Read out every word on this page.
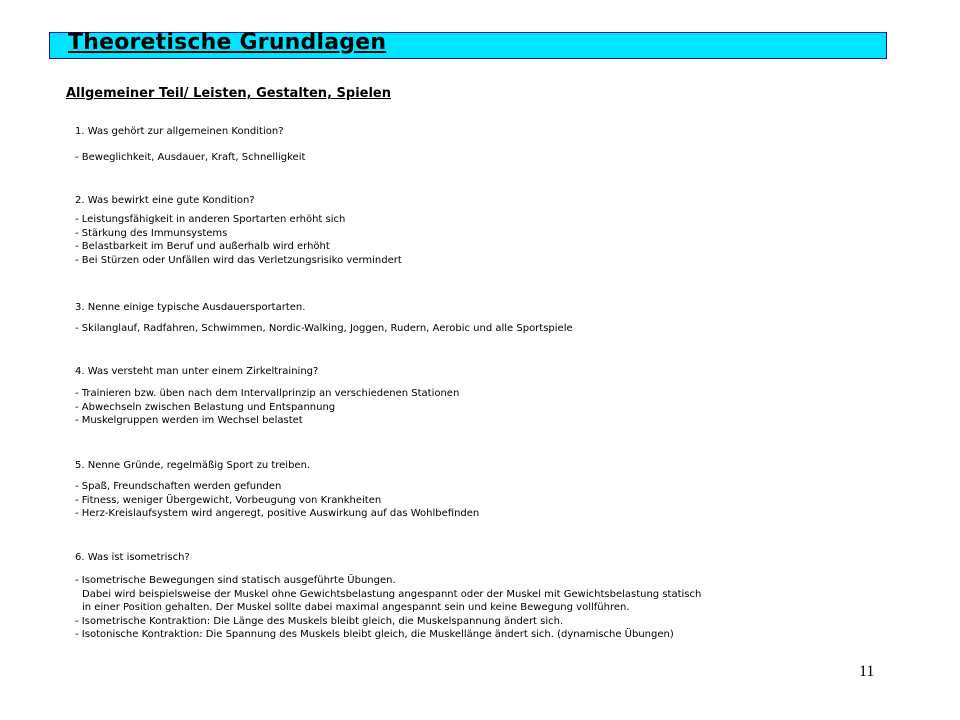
Theoretische Grundlagen
Allgemeiner Teil/ Leisten, Gestalten, Spielen
1. Was gehört zur allgemeinen Kondition?
- Beweglichkeit, Ausdauer, Kraft, Schnelligkeit
2. Was bewirkt eine gute Kondition?
- Leistungsfähigkeit in anderen Sportarten erhöht sich
- Stärkung des Immunsystems
- Belastbarkeit im Beruf und außerhalb wird erhöht
- Bei Stürzen oder Unfällen wird das Verletzungsrisiko vermindert
3. Nenne einige typische Ausdauersportarten.
- Skilanglauf, Radfahren, Schwimmen, Nordic-Walking, Joggen, Rudern, Aerobic und alle Sportspiele
4. Was versteht man unter einem Zirkeltraining?
- Trainieren bzw. üben nach dem Intervallprinzip an verschiedenen Stationen
- Abwechseln zwischen Belastung und Entspannung
- Muskelgruppen werden im Wechsel belastet
5. Nenne Gründe, regelmäßig Sport zu treiben.
- Spaß, Freundschaften werden gefunden
- Fitness, weniger Übergewicht, Vorbeugung von Krankheiten
- Herz-Kreislaufsystem wird angeregt, positive Auswirkung auf das Wohlbefinden
6. Was ist isometrisch?
- Isometrische Bewegungen sind statisch ausgeführte Übungen.
Dabei wird beispielsweise der Muskel ohne Gewichtsbelastung angespannt oder der Muskel mit Gewichtsbelastung statisch
in einer Position gehalten. Der Muskel sollte dabei maximal angespannt sein und keine Bewegung vollführen.
- Isometrische Kontraktion: Die Länge des Muskels bleibt gleich, die Muskelspannung ändert sich.
- Isotonische Kontraktion: Die Spannung des Muskels bleibt gleich, die Muskellänge ändert sich. (dynamische Übungen)
11
